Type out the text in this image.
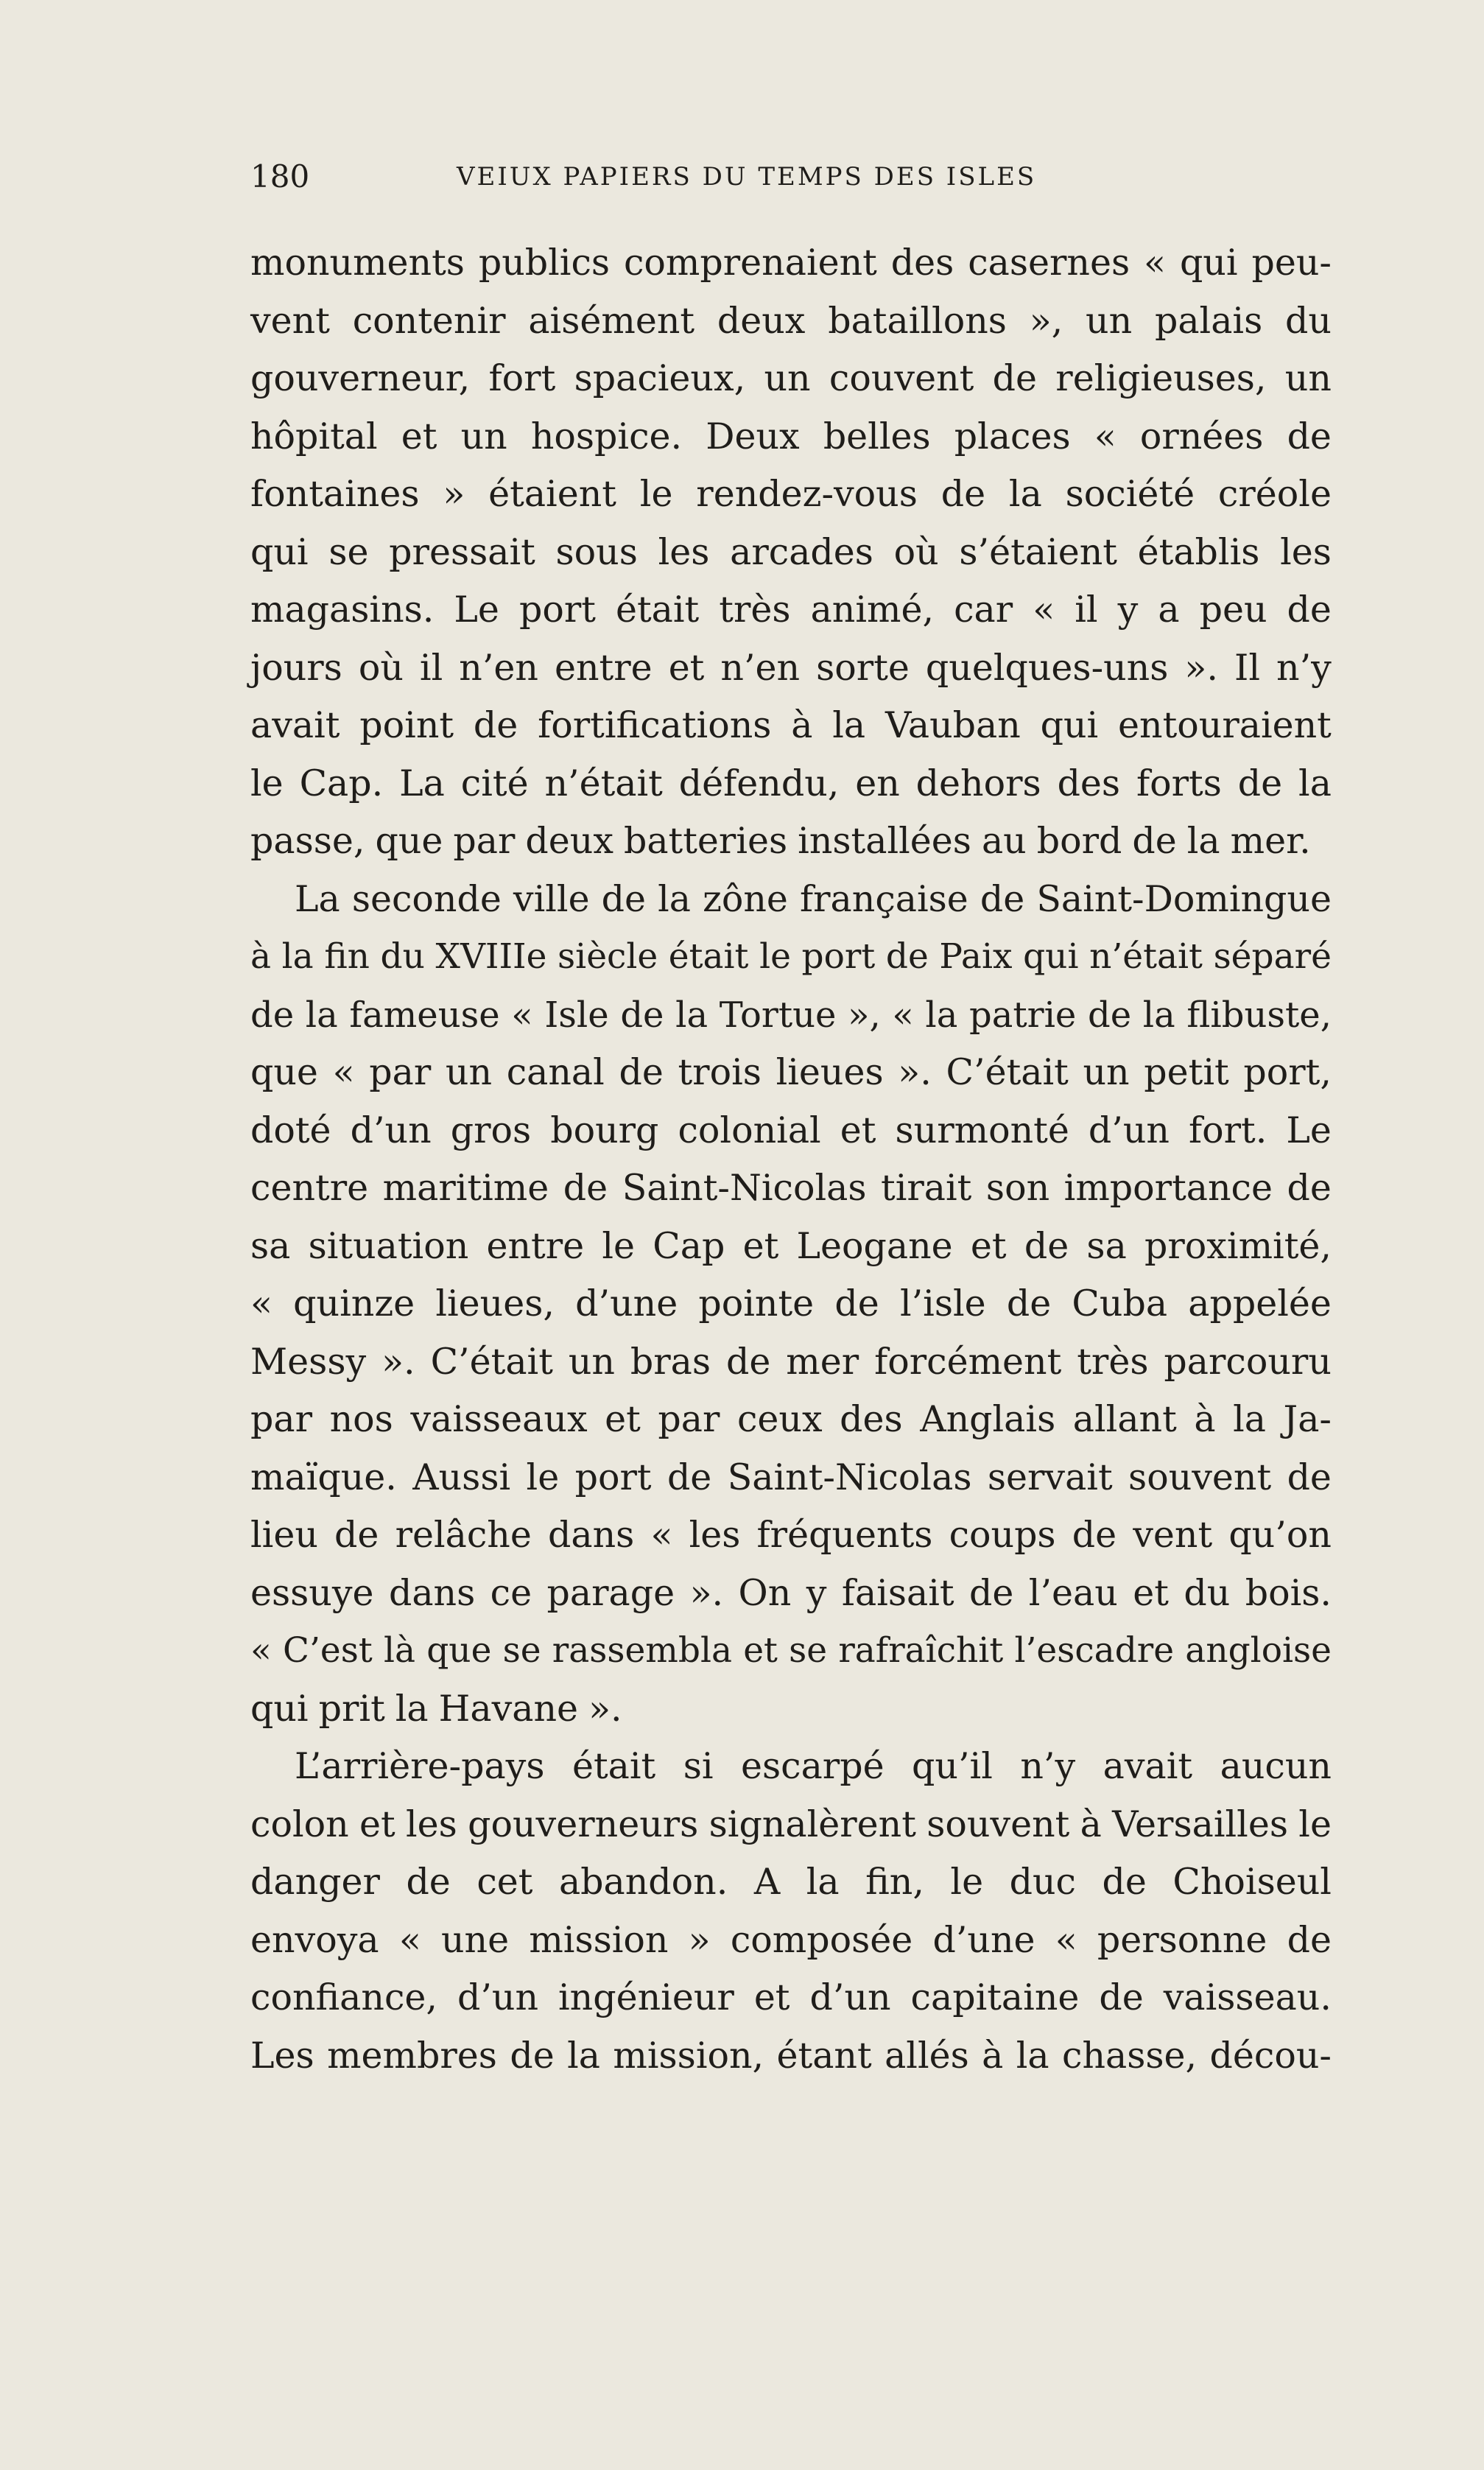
180	VEIUX PAPIERS DU TEMPS DES ISLES
monuments publics comprenaient des casernes « qui peu-
vent contenir aisément deux bataillons », un palais du
gouverneur, fort spacieux, un couvent de religieuses, un
hôpital et un hospice. Deux belles places « ornées de
fontaines » étaient le rendez-vous de la société créole
qui se pressait sous les arcades où s’étaient établis les
magasins. Le port était très animé, car « il y a peu de
jours où il n’en entre et n’en sorte quelques-uns ». Il n’y
avait point de fortifications à la Vauban qui entouraient
le Cap. La cité n’était défendu, en dehors des forts de la
passe, que par deux batteries installées au bord de la mer.
La seconde ville de la zône française de Saint-Domingue
à la fin du XVIIIe siècle était le port de Paix qui n’était séparé
de la fameuse « Isle de la Tortue », « la patrie de la flibuste,
que « par un canal de trois lieues ». C’était un petit port,
doté d’un gros bourg colonial et surmonté d’un fort. Le
centre maritime de Saint-Nicolas tirait son importance de
sa situation entre le Cap et Leogane et de sa proximité,
« quinze lieues, d’une pointe de l’isle de Cuba appelée
Messy ». C’était un bras de mer forcément très parcouru
par nos vaisseaux et par ceux des Anglais allant à la Ja-
maïque. Aussi le port de Saint-Nicolas servait souvent de
lieu de relâche dans « les fréquents coups de vent qu’on
essuye dans ce parage ». On y faisait de l’eau et du bois.
« C’est là que se rassembla et se rafraîchit l’escadre angloise
qui prit la Havane ».
L’arrière-pays était si escarpé qu’il n’y avait aucun
colon et les gouverneurs signalèrent souvent à Versailles le
danger de cet abandon. A la fin, le duc de Choiseul
envoya « une mission » composée d’une « personne de
confiance, d’un ingénieur et d’un capitaine de vaisseau.
Les membres de la mission, étant allés à la chasse, décou-
